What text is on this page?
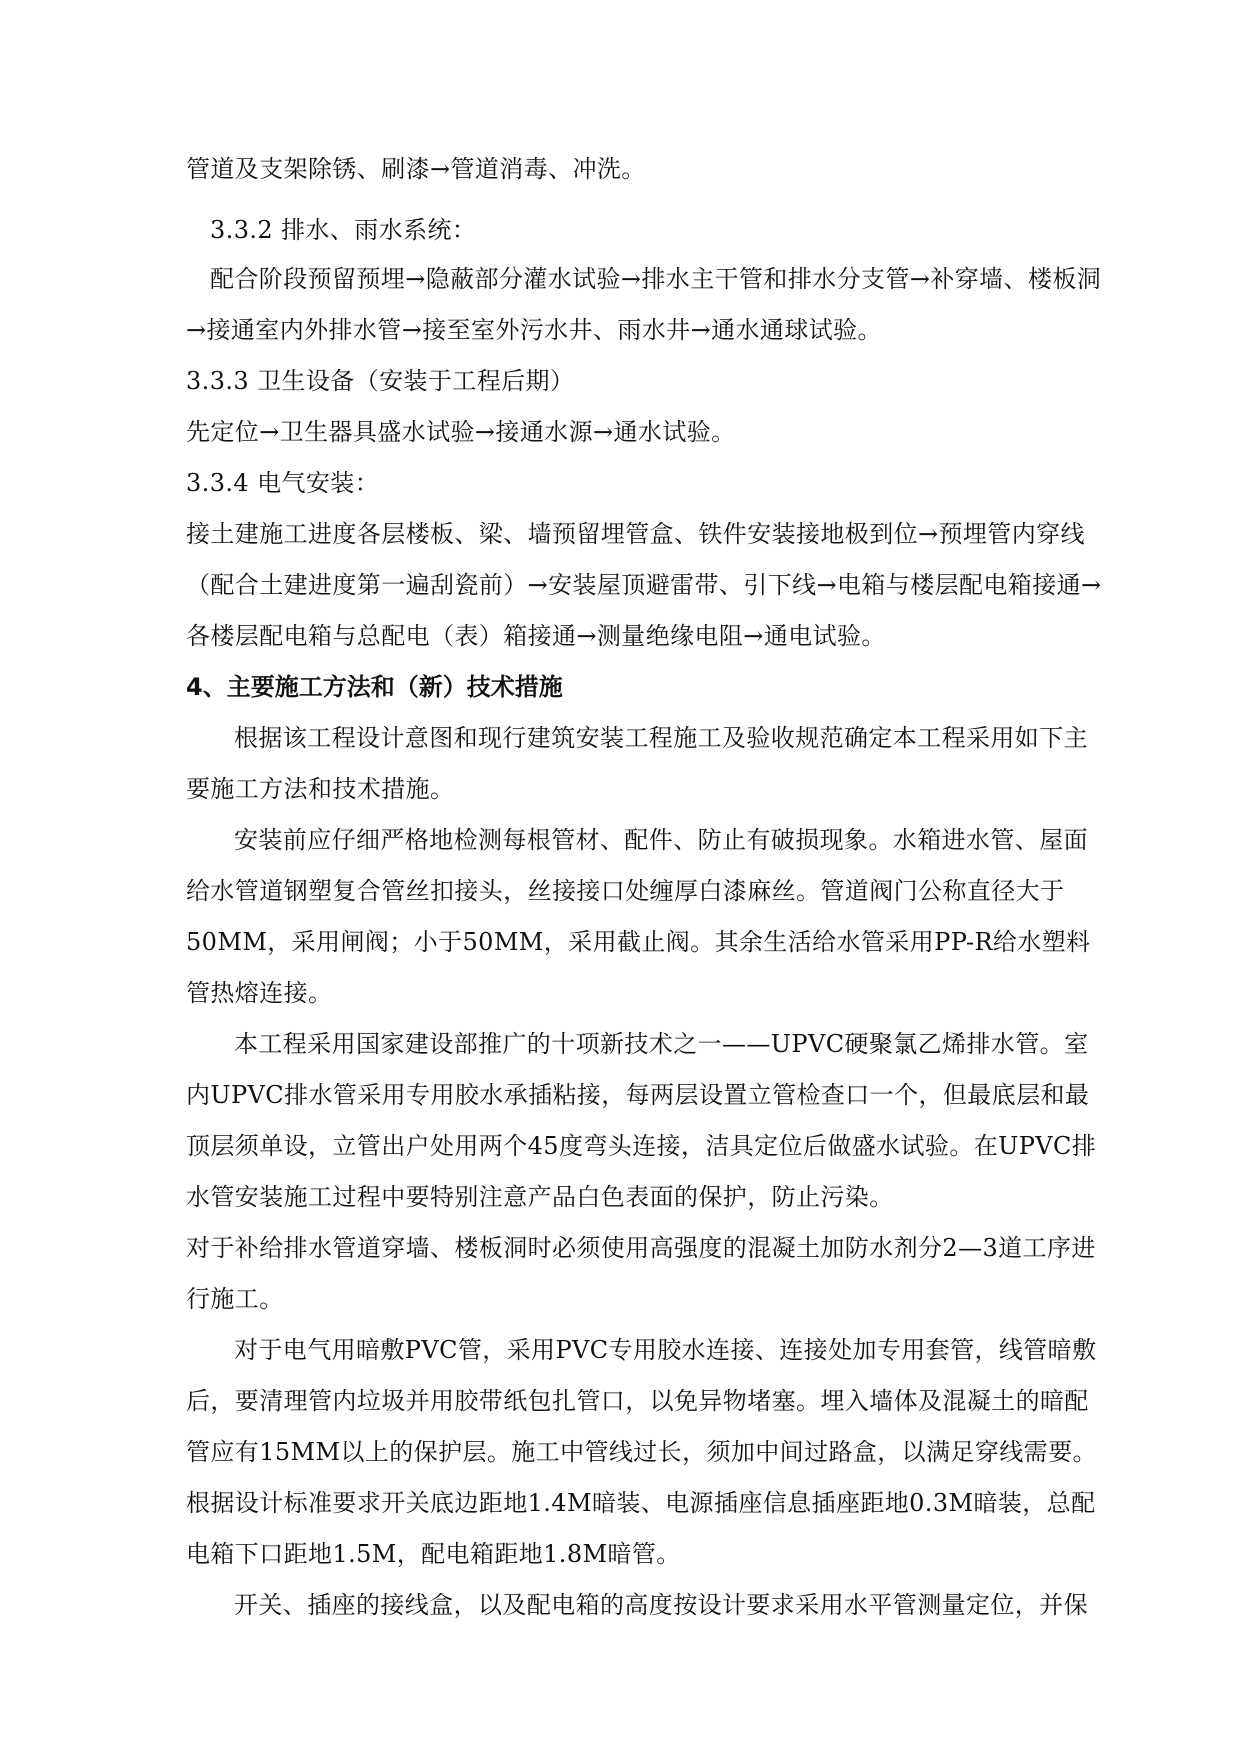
管道及支架除锈、刷漆→管道消毒、冲洗。

3.3.2 排水、雨水系统：

配合阶段预留预埋→隐蔽部分灌水试验→排水主干管和排水分支管→补穿墙、楼板洞→接通室内外排水管→接至室外污水井、雨水井→通水通球试验。

3.3.3 卫生设备（安装于工程后期）

先定位→卫生器具盛水试验→接通水源→通水试验。

3.3.4 电气安装：

接土建施工进度各层楼板、梁、墙预留埋管盒、铁件安装接地极到位→预埋管内穿线（配合土建进度第一遍刮瓷前）→安装屋顶避雷带、引下线→电箱与楼层配电箱接通→各楼层配电箱与总配电（表）箱接通→测量绝缘电阻→通电试验。

4、主要施工方法和（新）技术措施

根据该工程设计意图和现行建筑安装工程施工及验收规范确定本工程采用如下主要施工方法和技术措施。

安装前应仔细严格地检测每根管材、配件、防止有破损现象。水箱进水管、屋面给水管道钢塑复合管丝扣接头，丝接接口处缠厚白漆麻丝。管道阀门公称直径大于50MM，采用闸阀；小于50MM，采用截止阀。其余生活给水管采用PP-R给水塑料管热熔连接。

本工程采用国家建设部推广的十项新技术之一——UPVC硬聚氯乙烯排水管。室内UPVC排水管采用专用胶水承插粘接，每两层设置立管检查口一个，但最底层和最顶层须单设，立管出户处用两个45度弯头连接，洁具定位后做盛水试验。在UPVC排水管安装施工过程中要特别注意产品白色表面的保护，防止污染。

对于补给排水管道穿墙、楼板洞时必须使用高强度的混凝土加防水剂分2—3道工序进行施工。

对于电气用暗敷PVC管，采用PVC专用胶水连接、连接处加专用套管，线管暗敷后，要清理管内垃圾并用胶带纸包扎管口，以免异物堵塞。埋入墙体及混凝土的暗配管应有15MM以上的保护层。施工中管线过长，须加中间过路盒，以满足穿线需要。

根据设计标准要求开关底边距地1.4M暗装、电源插座信息插座距地0.3M暗装，总配电箱下口距地1.5M，配电箱距地1.8M暗管。

开关、插座的接线盒，以及配电箱的高度按设计要求采用水平管测量定位，并保
